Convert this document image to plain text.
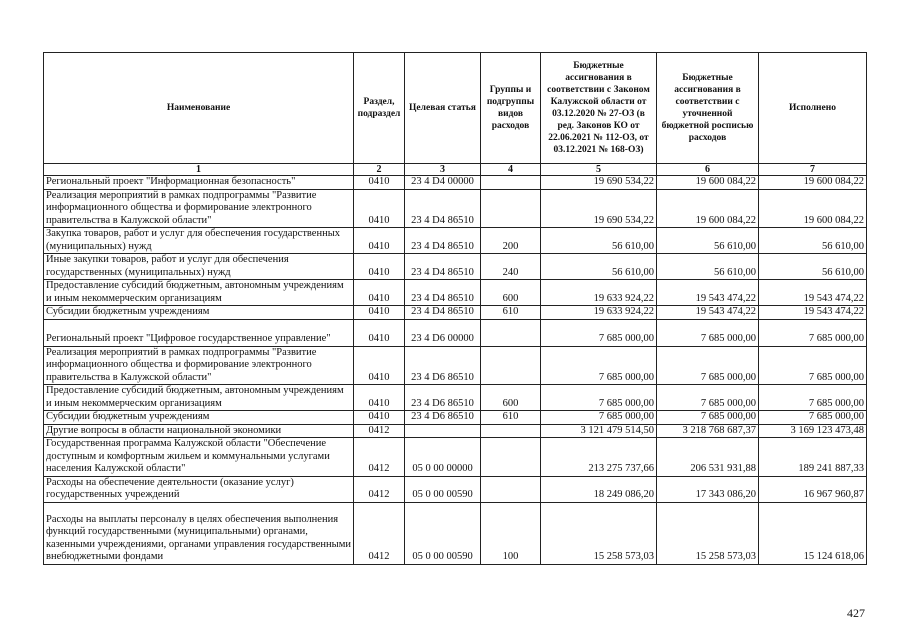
Наименование	Раздел, подраздел	Целевая статья	Группы и подгруппы видов расходов	Бюджетные ассигнования в соответствии с Законом Калужской области от 03.12.2020 № 27-ОЗ (в ред. Законов КО от 22.06.2021 № 112-ОЗ, от 03.12.2021 № 168-ОЗ)	Бюджетные ассигнования в соответствии с уточненной бюджетной росписью расходов	Исполнено
1	2	3	4	5	6	7
Региональный проект "Информационная безопасность"	0410	23 4 D4 00000		19 690 534,22	19 600 084,22	19 600 084,22
Реализация мероприятий в рамках подпрограммы "Развитие информационного общества и формирование электронного правительства в Калужской области"	0410	23 4 D4 86510		19 690 534,22	19 600 084,22	19 600 084,22
Закупка товаров, работ и услуг для обеспечения государственных (муниципальных) нужд	0410	23 4 D4 86510	200	56 610,00	56 610,00	56 610,00
Иные закупки товаров, работ и услуг для обеспечения государственных (муниципальных) нужд	0410	23 4 D4 86510	240	56 610,00	56 610,00	56 610,00
Предоставление субсидий бюджетным, автономным учреждениям и иным некоммерческим организациям	0410	23 4 D4 86510	600	19 633 924,22	19 543 474,22	19 543 474,22
Субсидии бюджетным учреждениям	0410	23 4 D4 86510	610	19 633 924,22	19 543 474,22	19 543 474,22
Региональный проект "Цифровое государственное управление"	0410	23 4 D6 00000		7 685 000,00	7 685 000,00	7 685 000,00
Реализация мероприятий в рамках подпрограммы "Развитие информационного общества и формирование электронного правительства в Калужской области"	0410	23 4 D6 86510		7 685 000,00	7 685 000,00	7 685 000,00
Предоставление субсидий бюджетным, автономным учреждениям и иным некоммерческим организациям	0410	23 4 D6 86510	600	7 685 000,00	7 685 000,00	7 685 000,00
Субсидии бюджетным учреждениям	0410	23 4 D6 86510	610	7 685 000,00	7 685 000,00	7 685 000,00
Другие вопросы в области национальной экономики	0412			3 121 479 514,50	3 218 768 687,37	3 169 123 473,48
Государственная программа Калужской области "Обеспечение доступным и комфортным жильем и коммунальными услугами населения Калужской области"	0412	05 0 00 00000		213 275 737,66	206 531 931,88	189 241 887,33
Расходы на обеспечение деятельности (оказание услуг) государственных учреждений	0412	05 0 00 00590		18 249 086,20	17 343 086,20	16 967 960,87
Расходы на выплаты персоналу в целях обеспечения выполнения функций государственными (муниципальными) органами, казенными учреждениями, органами управления государственными внебюджетными фондами	0412	05 0 00 00590	100	15 258 573,03	15 258 573,03	15 124 618,06
427
